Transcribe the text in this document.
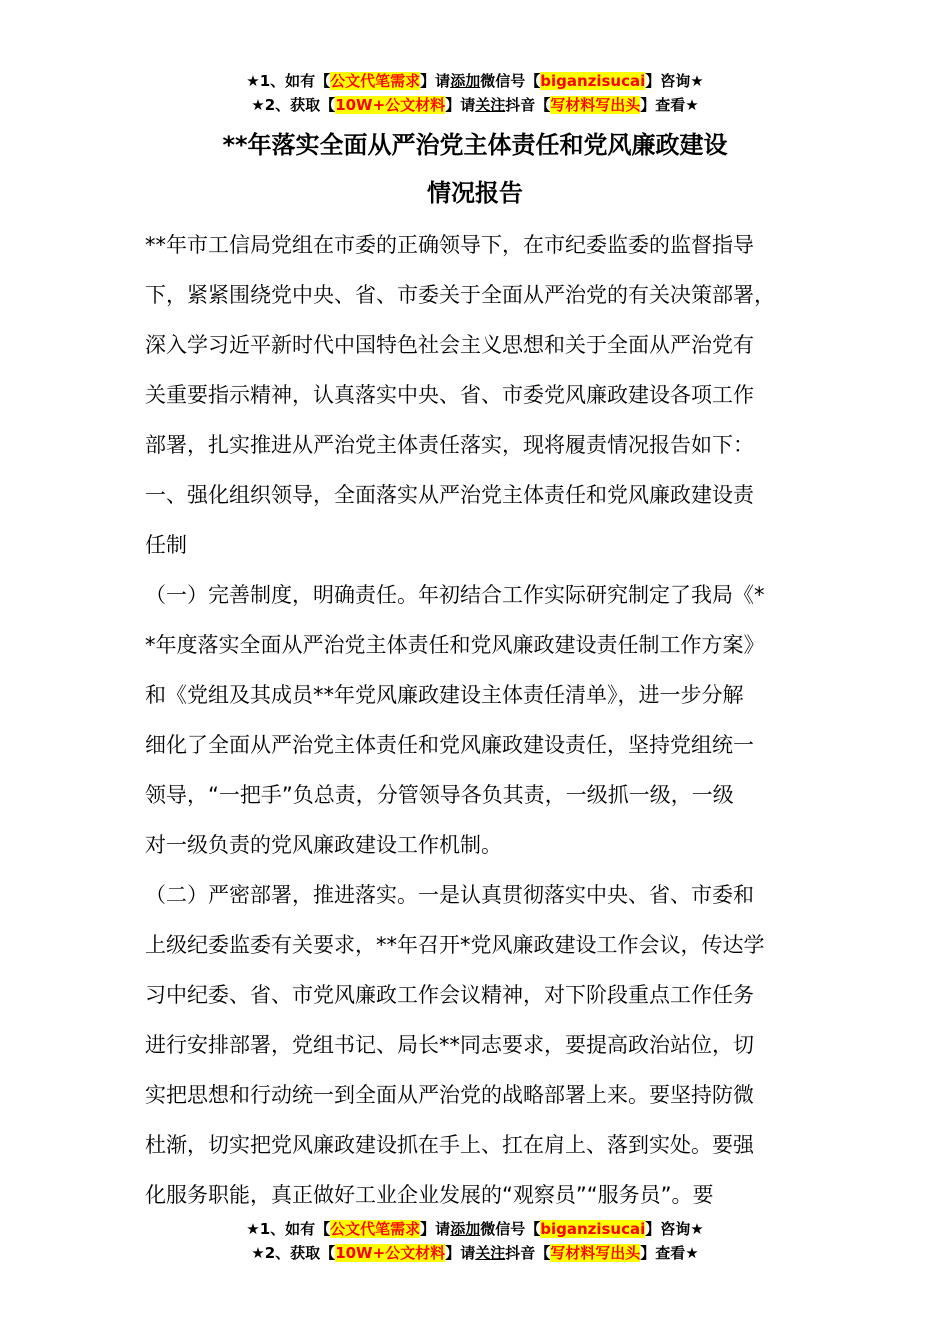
★1、如有【公文代笔需求】请添加微信号【biganzisucai】咨询★
★2、获取【10W+公文材料】请关注抖音【写材料写出头】查看★
**年落实全面从严治党主体责任和党风廉政建设
情况报告
**年市工信局党组在市委的正确领导下，在市纪委监委的监督指导
下，紧紧围绕党中央、省、市委关于全面从严治党的有关决策部署，
深入学习近平新时代中国特色社会主义思想和关于全面从严治党有
关重要指示精神，认真落实中央、省、市委党风廉政建设各项工作
部署，扎实推进从严治党主体责任落实，现将履责情况报告如下：
一、强化组织领导，全面落实从严治党主体责任和党风廉政建设责
任制
（一）完善制度，明确责任。年初结合工作实际研究制定了我局《*
*年度落实全面从严治党主体责任和党风廉政建设责任制工作方案》
和《党组及其成员**年党风廉政建设主体责任清单》，进一步分解
细化了全面从严治党主体责任和党风廉政建设责任，坚持党组统一
领导，“一把手”负总责，分管领导各负其责，一级抓一级，一级
对一级负责的党风廉政建设工作机制。
（二）严密部署，推进落实。一是认真贯彻落实中央、省、市委和
上级纪委监委有关要求，**年召开*党风廉政建设工作会议，传达学
习中纪委、省、市党风廉政工作会议精神，对下阶段重点工作任务
进行安排部署，党组书记、局长**同志要求，要提高政治站位，切
实把思想和行动统一到全面从严治党的战略部署上来。要坚持防微
杜渐，切实把党风廉政建设抓在手上、扛在肩上、落到实处。要强
化服务职能，真正做好工业企业发展的“观察员”“服务员”。要
★1、如有【公文代笔需求】请添加微信号【biganzisucai】咨询★
★2、获取【10W+公文材料】请关注抖音【写材料写出头】查看★
